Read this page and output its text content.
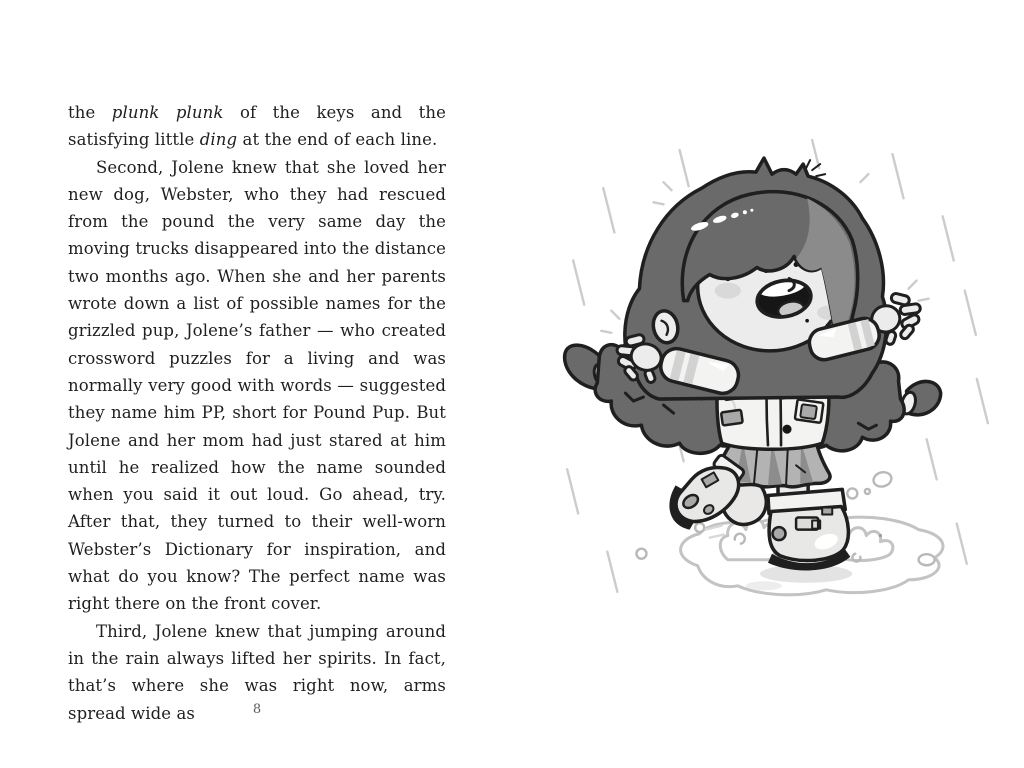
the plunk plunk of the keys and the satisfying little ding at the end of each line.

Second, Jolene knew that she loved her new dog, Webster, who they had rescued from the pound the very same day the moving trucks disappeared into the distance two months ago. When she and her parents wrote down a list of possible names for the grizzled pup, Jolene’s father — who created crossword puzzles for a living and was normally very good with words — suggested they name him PP, short for Pound Pup. But Jolene and her mom had just stared at him until he realized how the name sounded when you said it out loud. Go ahead, try. After that, they turned to their well-worn Webster’s Dictionary for inspiration, and what do you know? The perfect name was right there on the front cover.

Third, Jolene knew that jumping around in the rain always lifted her spirits. In fact, that’s where she was right now, arms spread wide as	8
